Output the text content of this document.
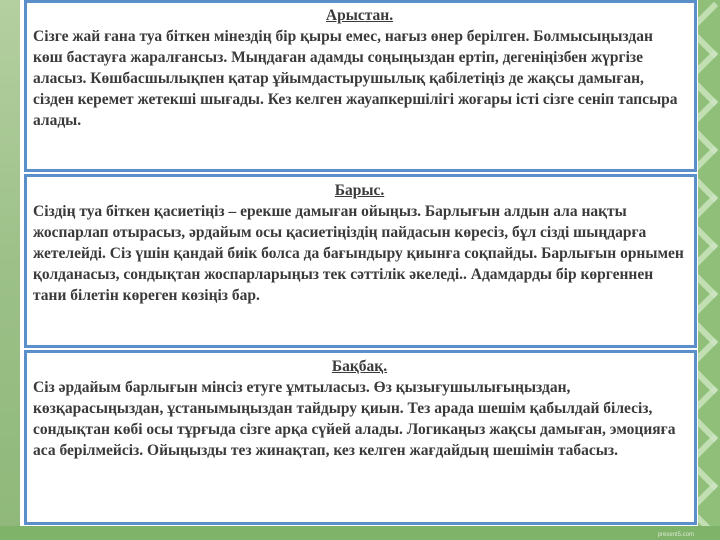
Арыстан.

Сізге жай ғана туа біткен мінездің бір қыры емес, нағыз өнер берілген. Болмысыңыздан көш бастауға жаралғансыз. Мыңдаған адамды соңыңыздан ертіп, дегеніңізбен жүргізе аласыз. Көшбасшылықпен қатар ұйымдастырушылық қабілетіңіз де жақсы дамыған, сізден керемет жетекші шығады. Кез келген жауапкершілігі жоғары істі сізге сеніп тапсыра алады.

Барыс.

Сіздің туа біткен қасиетіңіз – ерекше дамыған ойыңыз. Барлығын алдын ала нақты жоспарлап отырасыз, әрдайым осы қасиетіңіздің пайдасын көресіз, бұл сізді шыңдарға жетелейді. Сіз үшін қандай биік болса да бағындыру қиынға соқпайды. Барлығын орнымен қолданасыз, сондықтан жоспарларыңыз тек сәттілік әкеледі.. Адамдарды бір көргеннен тани білетін көреген көзіңіз бар.

Бақбақ.

Сіз әрдайым барлығын мінсіз етуге ұмтыласыз. Өз қызығушылығыңыздан, көзқарасыңыздан, ұстанымыңыздан тайдыру қиын. Тез арада шешім қабылдай білесіз, сондықтан көбі осы тұрғыда сізге арқа сүйей алады. Логикаңыз жақсы дамыған, эмоцияға аса берілмейсіз. Ойыңызды тез жинақтап, кез келген жағдайдың шешімін табасыз.

present5.com
